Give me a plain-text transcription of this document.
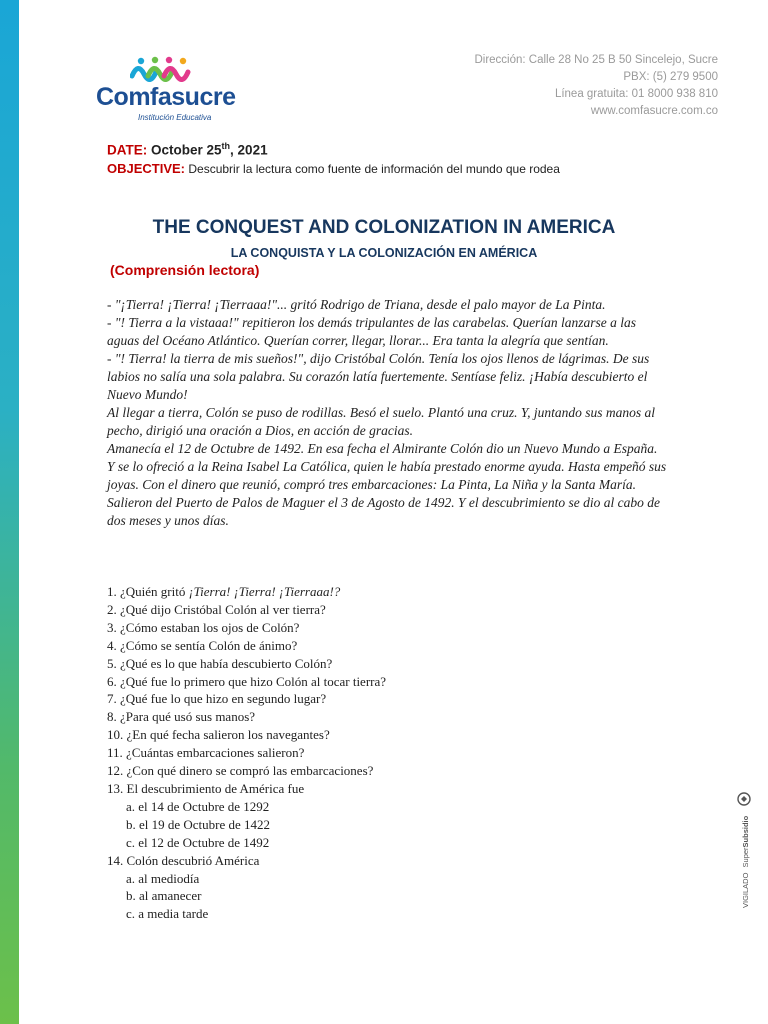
Comfasucre
Institución Educativa
Dirección: Calle 28 No 25 B 50 Sincelejo, Sucre
PBX: (5) 279 9500
Línea gratuita: 01 8000 938 810
www.comfasucre.com.co
DATE: October 25th, 2021
OBJECTIVE: Descubrir la lectura como fuente de información del mundo que rodea
THE CONQUEST AND COLONIZATION IN AMERICA
LA CONQUISTA Y LA COLONIZACIÓN EN AMÉRICA
(Comprensión lectora)

- "¡Tierra! ¡Tierra! ¡Tierraaa!"... gritó Rodrigo de Triana, desde el palo mayor de La Pinta.

- "! Tierra a la vistaaa!" repitieron los demás tripulantes de las carabelas. Querían lanzarse a las aguas del Océano Atlántico. Querían correr, llegar, llorar... Era tanta la alegría que sentían.

- "! Tierra! la tierra de mis sueños!", dijo Cristóbal Colón. Tenía los ojos llenos de lágrimas. De sus labios no salía una sola palabra. Su corazón latía fuertemente. Sentíase feliz. ¡Había descubierto el Nuevo Mundo!

Al llegar a tierra, Colón se puso de rodillas. Besó el suelo. Plantó una cruz. Y, juntando sus manos al pecho, dirigió una oración a Dios, en acción de gracias.

Amanecía el 12 de Octubre de 1492. En esa fecha el Almirante Colón dio un Nuevo Mundo a España. Y se lo ofreció a la Reina Isabel La Católica, quien le había prestado enorme ayuda. Hasta empeñó sus joyas. Con el dinero que reunió, compró tres embarcaciones: La Pinta, La Niña y la Santa María. Salieron del Puerto de Palos de Maguer el 3 de Agosto de 1492. Y el descubrimiento se dio al cabo de dos meses y unos días.

1. ¿Quién gritó ¡Tierra! ¡Tierra! ¡Tierraaa!?
2. ¿Qué dijo Cristóbal Colón al ver tierra?
3. ¿Cómo estaban los ojos de Colón?
4. ¿Cómo se sentía Colón de ánimo?
5. ¿Qué es lo que había descubierto Colón?
6. ¿Qué fue lo primero que hizo Colón al tocar tierra?
7. ¿Qué fue lo que hizo en segundo lugar?
8. ¿Para qué usó sus manos?
10. ¿En qué fecha salieron los navegantes?
11. ¿Cuántas embarcaciones salieron?
12. ¿Con qué dinero se compró las embarcaciones?
13. El descubrimiento de América fue
a. el 14 de Octubre de 1292
b. el 19 de Octubre de 1422
c. el 12 de Octubre de 1492
14. Colón descubrió América
a. al mediodía
b. al amanecer
c. a media tarde
VIGILADO SuperSubsidio
